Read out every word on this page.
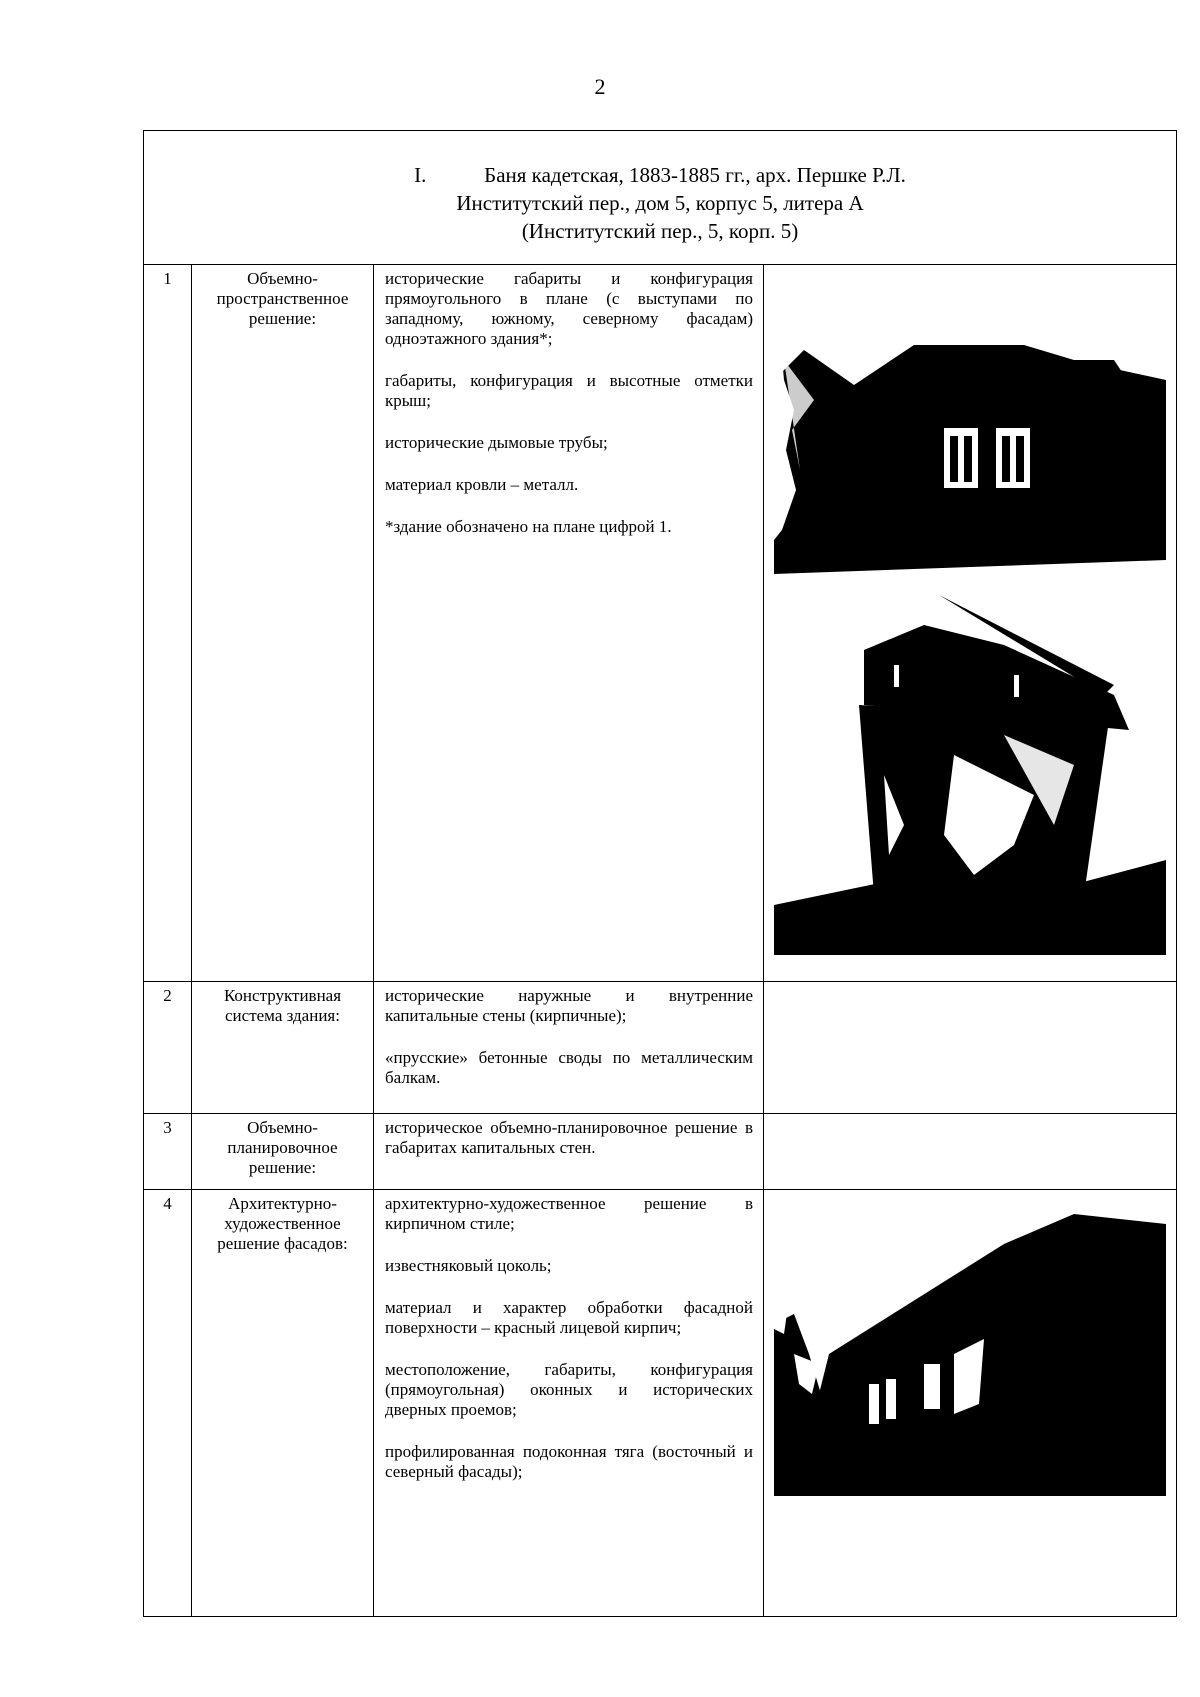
2
I. Баня кадетская, 1883-1885 гг., арх. Першке Р.Л.
Институтский пер., дом 5, корпус 5, литера А
(Институтский пер., 5, корп. 5)			

1	Объемно-пространственное решение:	исторические габариты и конфигурация прямоугольного в плане (с выступами по западному, южному, северному фасадам) одноэтажного здания*;

габариты, конфигурация и высотные отметки крыш;

исторические дымовые трубы;

материал кровли – металл.

*здание обозначено на плане цифрой 1.

2	Конструктивная система здания:	исторические наружные и внутренние капитальные стены (кирпичные);

«прусские» бетонные своды по металлическим балкам.	

3	Объемно-планировочное решение:	историческое объемно-планировочное решение в габаритах капитальных стен.	

4	Архитектурно-художественное решение фасадов:	архитектурно-художественное решение в кирпичном стиле;

известняковый цоколь;

материал и характер обработки фасадной поверхности – красный лицевой кирпич;

местоположение, габариты, конфигурация (прямоугольная) оконных и исторических дверных проемов;

профилированная подоконная тяга (восточный и северный фасады);
